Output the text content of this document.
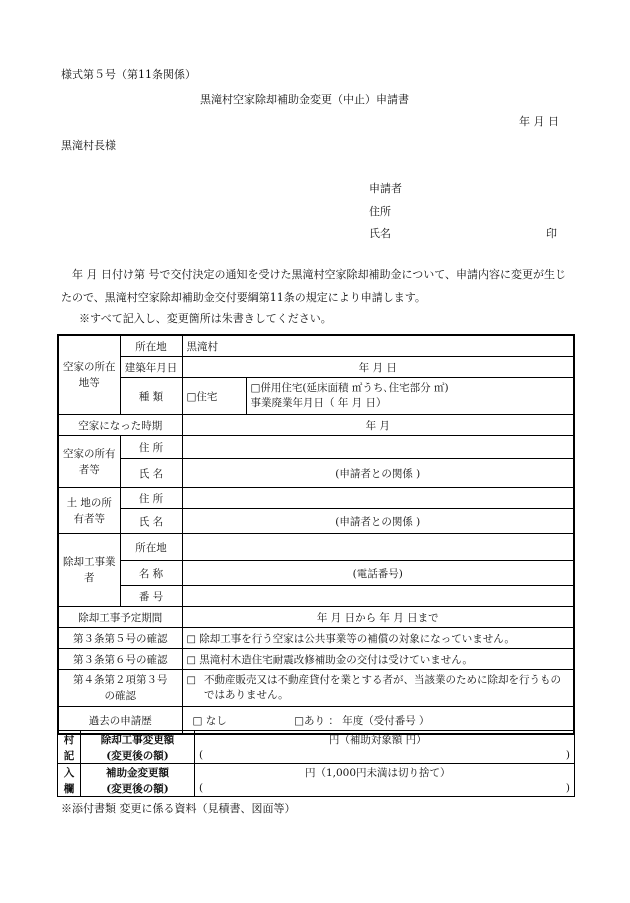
様式第５号（第11条関係）
黒滝村空家除却補助金変更（中止）申請書
年 月 日
黒滝村長様
申請者
住所
氏名	印
年 月 日付け第 号で交付決定の通知を受けた黒滝村空家除却補助金について、申請内容に変更が生じたので、黒滝村空家除却補助金交付要綱第11条の規定により申請します。
※すべて記入し、変更箇所は朱書きしてください。
空家の所在地等	所在地	黒滝村	
	建築年月日	年 月 日	
	種 類	□住宅	□併用住宅(延床面積 ㎡うち､住宅部分 ㎡)
事業廃業年月日（ 年 月 日）

空家になった時期		年 月	
空家の所有者等	住 所		
	氏 名	(申請者との関係 )	
土 地の所有者等	住 所		
	氏 名	(申請者との関係 )	
除却工事業者	所在地		
	名 称	(電話番号)	
	番 号		
除却工事予定期間		年 月 日から 年 月 日まで	
第３条第５号の確認		□ 除却工事を行う空家は公共事業等の補償の対象になっていません。	
第３条第６号の確認		□ 黒滝村木造住宅耐震改修補助金の交付は受けていません。	
第４条第２項第３号の確認		□ 不動産販売又は不動産貸付を業とする者が、当該業のために除却を行うものではありません。	

過去の申請歴		□ なし □あり ： 年度（受付番号 ）	
村	除却工事変更額	円（補助対象額 円）	
記	(変更後の額)	(	)
入	補助金変更額	円（1,000円未満は切り捨て）	
欄	(変更後の額)	(	)
※添付書類 変更に係る資料（見積書、図面等）
